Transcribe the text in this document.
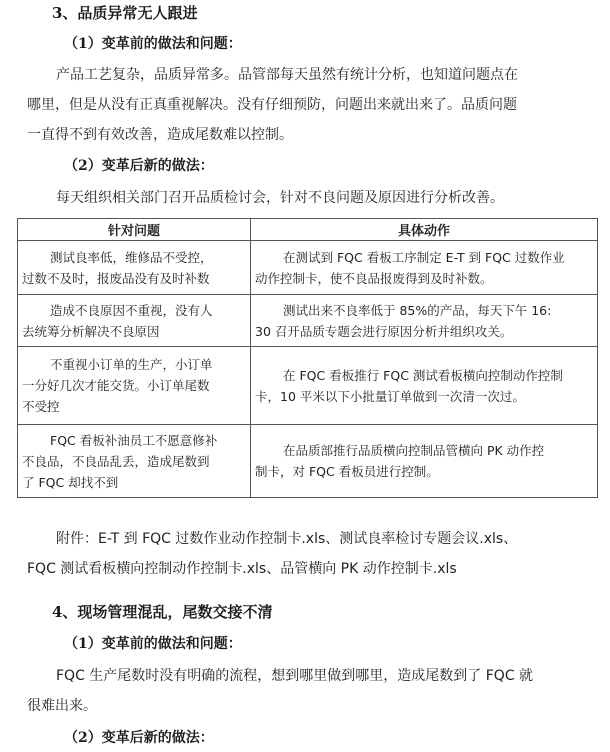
3、品质异常无人跟进
（1）变革前的做法和问题：
产品工艺复杂，品质异常多。品管部每天虽然有统计分析，也知道问题点在
哪里，但是从没有正真重视解决。没有仔细预防，问题出来就出来了。品质问题
一直得不到有效改善，造成尾数难以控制。
（2）变革后新的做法：
每天组织相关部门召开品质检讨会，针对不良问题及原因进行分析改善。
针对问题	具体动作

测试良率低，维修品不受控，
过数不及时，报废品没有及时补数	在测试到 FQC 看板工序制定 E-T 到 FQC 过数作业
动作控制卡，使不良品报废得到及时补数。

造成不良原因不重视，没有人
去统筹分析解决不良原因	测试出来不良率低于 85%的产品，每天下午 16:
30 召开品质专题会进行原因分析并组织攻关。

不重视小订单的生产，小订单
一分好几次才能交货。小订单尾数
不受控	在 FQC 看板推行 FQC 测试看板横向控制动作控制
卡，10 平米以下小批量订单做到一次清一次过。

FQC 看板补油员工不愿意修补
不良品，不良品乱丢，造成尾数到
了 FQC 却找不到	在品质部推行品质横向控制品管横向 PK 动作控
制卡，对 FQC 看板员进行控制。
附件：E-T 到 FQC 过数作业动作控制卡.xls、测试良率检讨专题会议.xls、
FQC 测试看板横向控制动作控制卡.xls、品管横向 PK 动作控制卡.xls
4、现场管理混乱，尾数交接不清
（1）变革前的做法和问题：
FQC 生产尾数时没有明确的流程，想到哪里做到哪里，造成尾数到了 FQC 就
很难出来。
（2）变革后新的做法：
